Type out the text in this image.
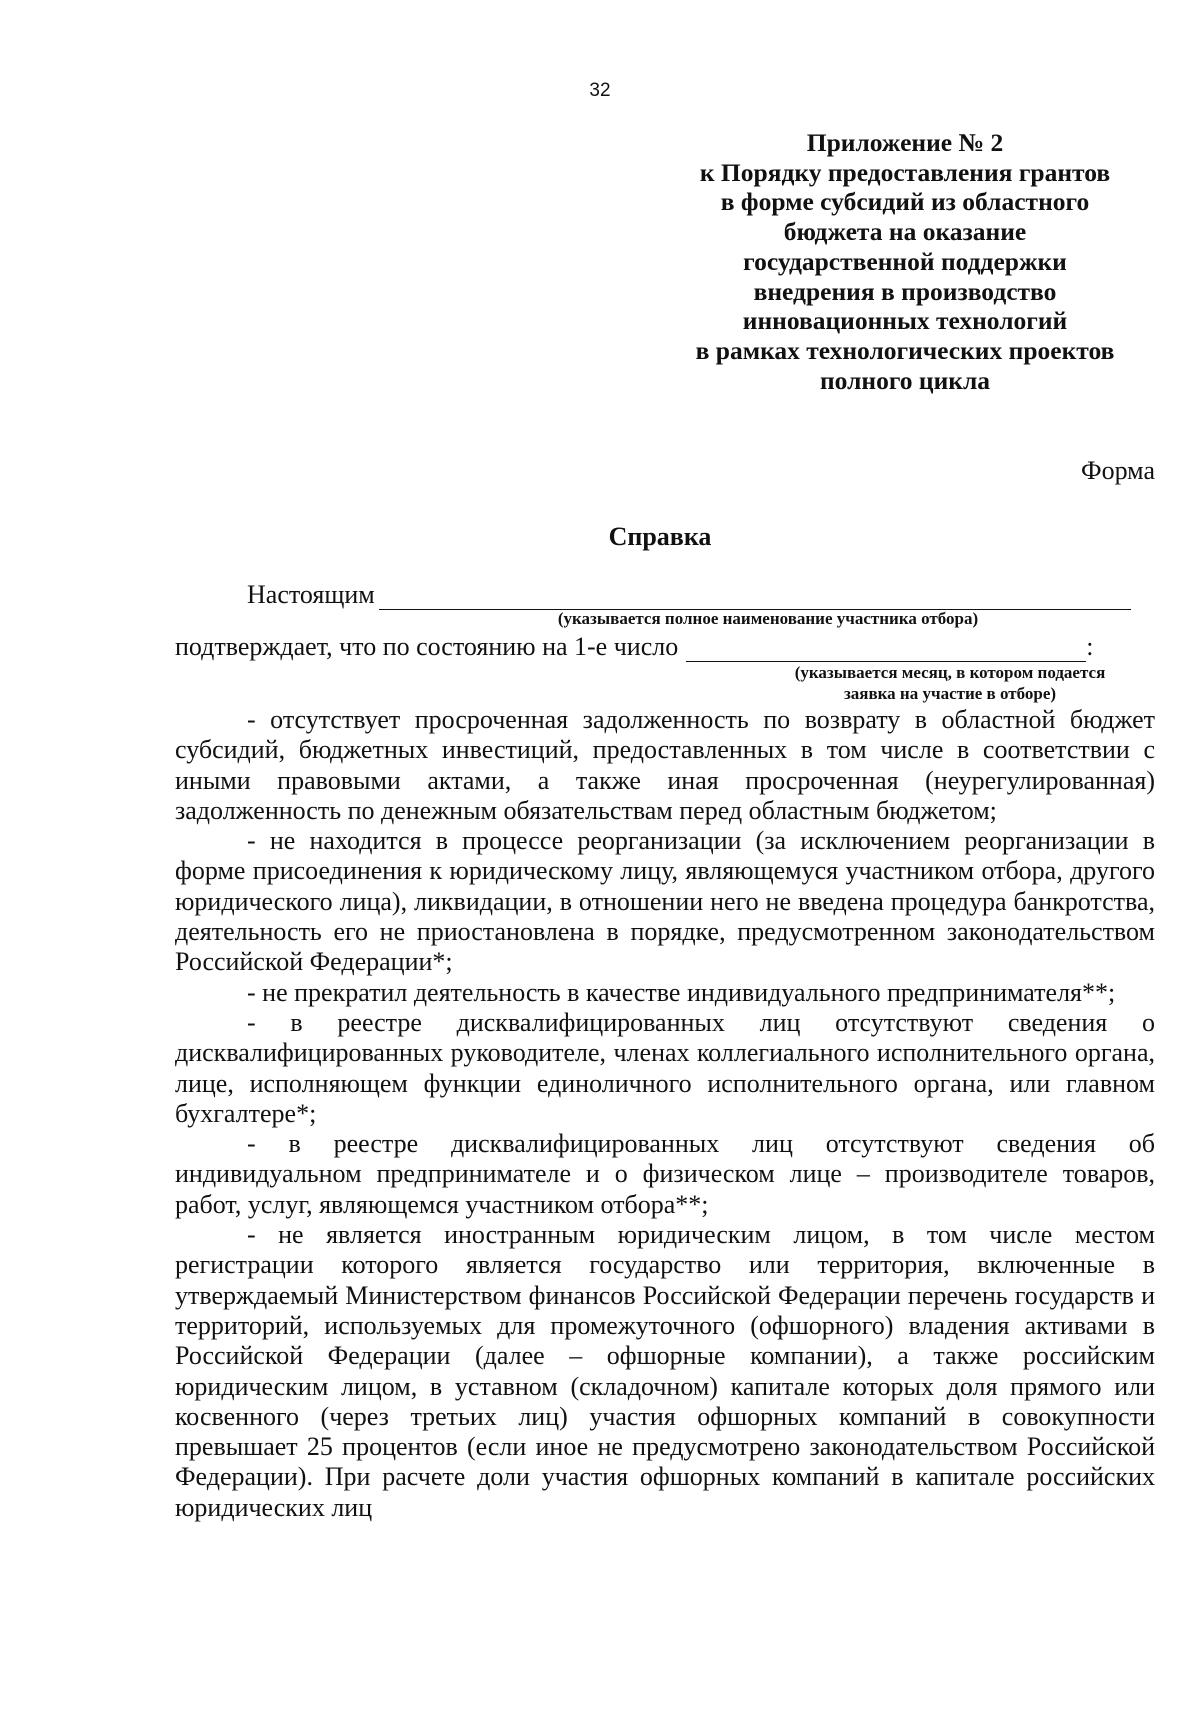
32
Приложение № 2
к Порядку предоставления грантов
в форме субсидий из областного
бюджета на оказание
государственной поддержки
внедрения в производство
инновационных технологий
в рамках технологических проектов
полного цикла
Форма
Справка
Настоящим
(указывается полное наименование участника отбора)
подтверждает, что по состоянию на 1-е число	:
(указывается месяц, в котором подается
заявка на участие в отборе)

- отсутствует просроченная задолженность по возврату в областной бюджет субсидий, бюджетных инвестиций, предоставленных в том числе в соответствии с иными правовыми актами, а также иная просроченная (неурегулированная) задолженность по денежным обязательствам перед областным бюджетом;

- не находится в процессе реорганизации (за исключением реорганизации в форме присоединения к юридическому лицу, являющемуся участником отбора, другого юридического лица), ликвидации, в отношении него не введена процедура банкротства, деятельность его не приостановлена в порядке, предусмотренном законодательством Российской Федерации*;

- не прекратил деятельность в качестве индивидуального предпринимателя**;

- в реестре дисквалифицированных лиц отсутствуют сведения о дисквалифицированных руководителе, членах коллегиального исполнительного органа, лице, исполняющем функции единоличного исполнительного органа, или главном бухгалтере*;

- в реестре дисквалифицированных лиц отсутствуют сведения об индивидуальном предпринимателе и о физическом лице – производителе товаров, работ, услуг, являющемся участником отбора**;

- не является иностранным юридическим лицом, в том числе местом регистрации которого является государство или территория, включенные в утверждаемый Министерством финансов Российской Федерации перечень государств и территорий, используемых для промежуточного (офшорного) владения активами в Российской Федерации (далее – офшорные компании), а также российским юридическим лицом, в уставном (складочном) капитале которых доля прямого или косвенного (через третьих лиц) участия офшорных компаний в совокупности превышает 25 процентов (если иное не предусмотрено законодательством Российской Федерации). При расчете доли участия офшорных компаний в капитале российских юридических лиц
